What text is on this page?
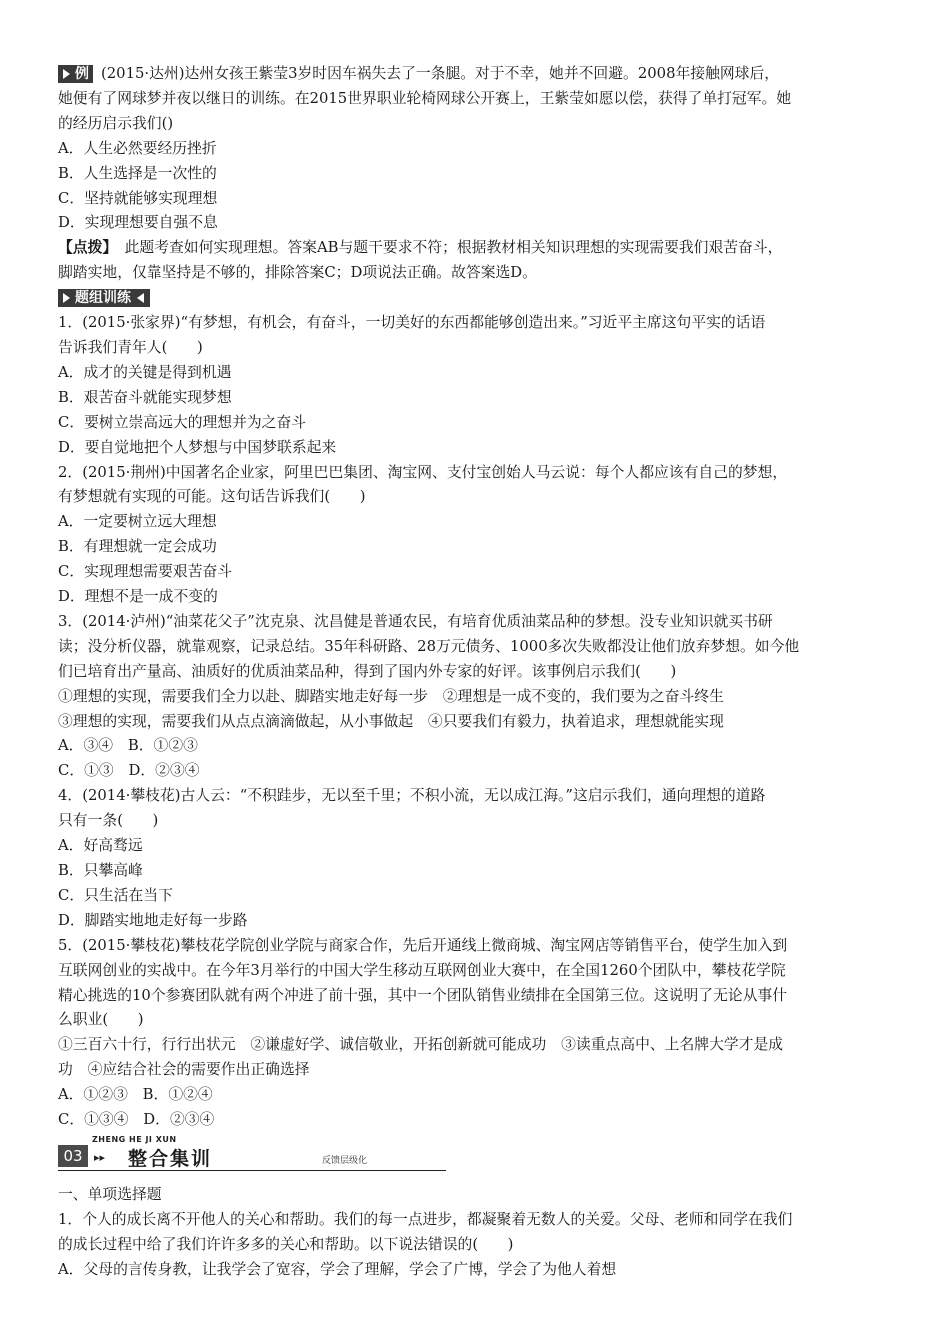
例 (2015·达州)达州女孩王紫莹3岁时因车祸失去了一条腿。对于不幸，她并不回避。2008年接触网球后，
她便有了网球梦并夜以继日的训练。在2015世界职业轮椅网球公开赛上，王紫莹如愿以偿，获得了单打冠军。她
的经历启示我们()
A．人生必然要经历挫折
B．人生选择是一次性的
C．坚持就能够实现理想
D．实现理想要自强不息
【点拨】　此题考查如何实现理想。答案AB与题干要求不符；根据教材相关知识理想的实现需要我们艰苦奋斗，
脚踏实地，仅靠坚持是不够的，排除答案C；D项说法正确。故答案选D。
题组训练
1．(2015·张家界)“有梦想，有机会，有奋斗，一切美好的东西都能够创造出来。”习近平主席这句平实的话语
告诉我们青年人(　　)
A．成才的关键是得到机遇
B．艰苦奋斗就能实现梦想
C．要树立崇高远大的理想并为之奋斗
D．要自觉地把个人梦想与中国梦联系起来
2．(2015·荆州)中国著名企业家，阿里巴巴集团、淘宝网、支付宝创始人马云说：每个人都应该有自己的梦想，
有梦想就有实现的可能。这句话告诉我们(　　)
A．一定要树立远大理想
B．有理想就一定会成功
C．实现理想需要艰苦奋斗
D．理想不是一成不变的
3．(2014·泸州)“油菜花父子”沈克泉、沈昌健是普通农民，有培育优质油菜品种的梦想。没专业知识就买书研
读；没分析仪器，就靠观察，记录总结。35年科研路、28万元债务、1000多次失败都没让他们放弃梦想。如今他
们已培育出产量高、油质好的优质油菜品种，得到了国内外专家的好评。该事例启示我们(　　)
①理想的实现，需要我们全力以赴、脚踏实地走好每一步　②理想是一成不变的，我们要为之奋斗终生
③理想的实现，需要我们从点点滴滴做起，从小事做起　④只要我们有毅力，执着追求，理想就能实现
A．③④　B．①②③
C．①③　D．②③④
4．(2014·攀枝花)古人云：“不积跬步，无以至千里；不积小流，无以成江海。”这启示我们，通向理想的道路
只有一条(　　)
A．好高骛远
B．只攀高峰
C．只生活在当下
D．脚踏实地地走好每一步路
5．(2015·攀枝花)攀枝花学院创业学院与商家合作，先后开通线上微商城、淘宝网店等销售平台，使学生加入到
互联网创业的实战中。在今年3月举行的中国大学生移动互联网创业大赛中，在全国1260个团队中，攀枝花学院
精心挑选的10个参赛团队就有两个冲进了前十强，其中一个团队销售业绩排在全国第三位。这说明了无论从事什
么职业(　　)
①三百六十行，行行出状元　②谦虚好学、诚信敬业，开拓创新就可能成功　③读重点高中、上名牌大学才是成
功　④应结合社会的需要作出正确选择
A．①②③　B．①②④
C．①③④　D．②③④
03
ZHENG HE JI XUN
▸▸ 整合集训	反馈层级化
一、单项选择题
1．个人的成长离不开他人的关心和帮助。我们的每一点进步，都凝聚着无数人的关爱。父母、老师和同学在我们
的成长过程中给了我们许许多多的关心和帮助。以下说法错误的(　　)
A．父母的言传身教，让我学会了宽容，学会了理解，学会了广博，学会了为他人着想
